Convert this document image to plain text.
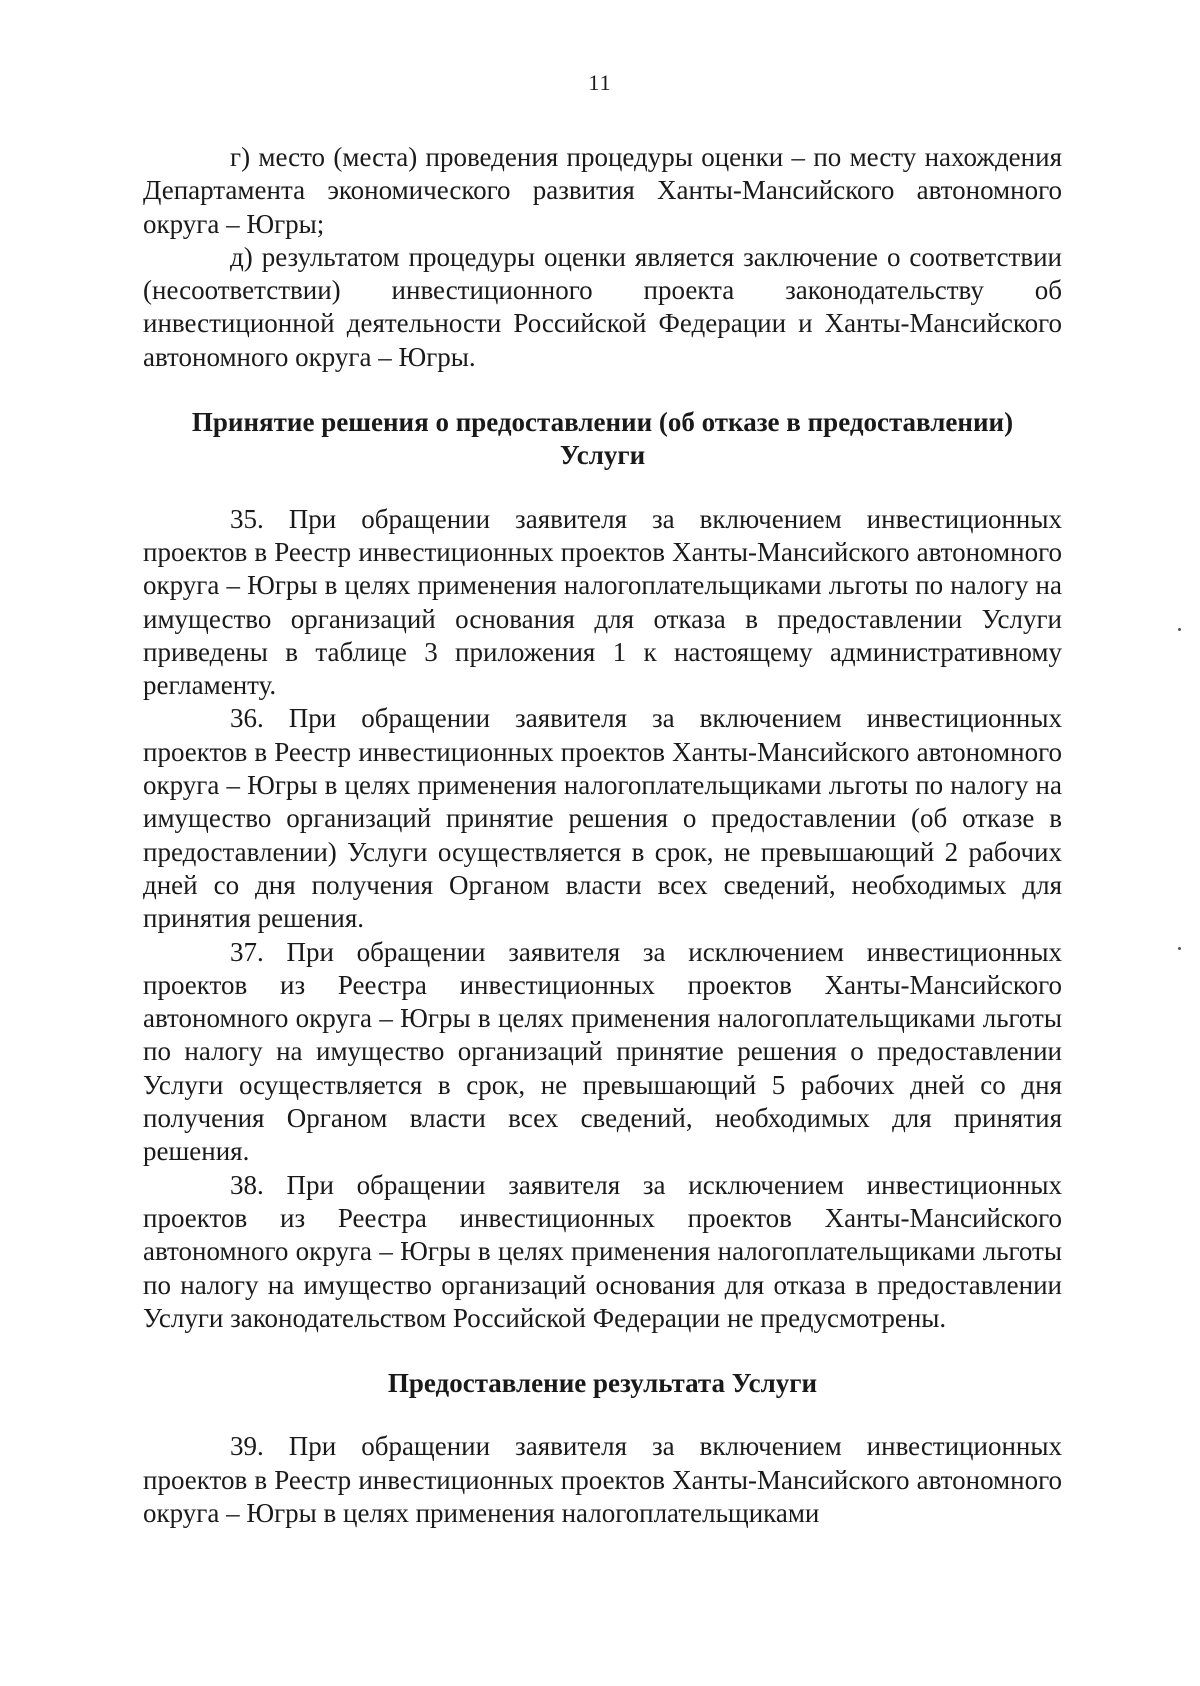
11

г) место (места) проведения процедуры оценки – по месту нахождения Департамента экономического развития Ханты-Мансийского автономного округа – Югры;

д) результатом процедуры оценки является заключение о соответствии (несоответствии) инвестиционного проекта законодательству об инвестиционной деятельности Российской Федерации и Ханты-Мансийского автономного округа – Югры.

Принятие решения о предоставлении (об отказе в предоставлении)

Услуги

35. При обращении заявителя за включением инвестиционных проектов в Реестр инвестиционных проектов Ханты-Мансийского автономного округа – Югры в целях применения налогоплательщиками льготы по налогу на имущество организаций основания для отказа в предоставлении Услуги приведены в таблице 3 приложения 1 к настоящему административному регламенту.

36. При обращении заявителя за включением инвестиционных проектов в Реестр инвестиционных проектов Ханты-Мансийского автономного округа – Югры в целях применения налогоплательщиками льготы по налогу на имущество организаций принятие решения о предоставлении (об отказе в предоставлении) Услуги осуществляется в срок, не превышающий 2 рабочих дней со дня получения Органом власти всех сведений, необходимых для принятия решения.

37. При обращении заявителя за исключением инвестиционных проектов из Реестра инвестиционных проектов Ханты-Мансийского автономного округа – Югры в целях применения налогоплательщиками льготы по налогу на имущество организаций принятие решения о предоставлении Услуги осуществляется в срок, не превышающий 5 рабочих дней со дня получения Органом власти всех сведений, необходимых для принятия решения.

38. При обращении заявителя за исключением инвестиционных проектов из Реестра инвестиционных проектов Ханты-Мансийского автономного округа – Югры в целях применения налогоплательщиками льготы по налогу на имущество организаций основания для отказа в предоставлении Услуги законодательством Российской Федерации не предусмотрены.

Предоставление результата Услуги

39. При обращении заявителя за включением инвестиционных проектов в Реестр инвестиционных проектов Ханты-Мансийского автономного округа – Югры в целях применения налогоплательщиками
